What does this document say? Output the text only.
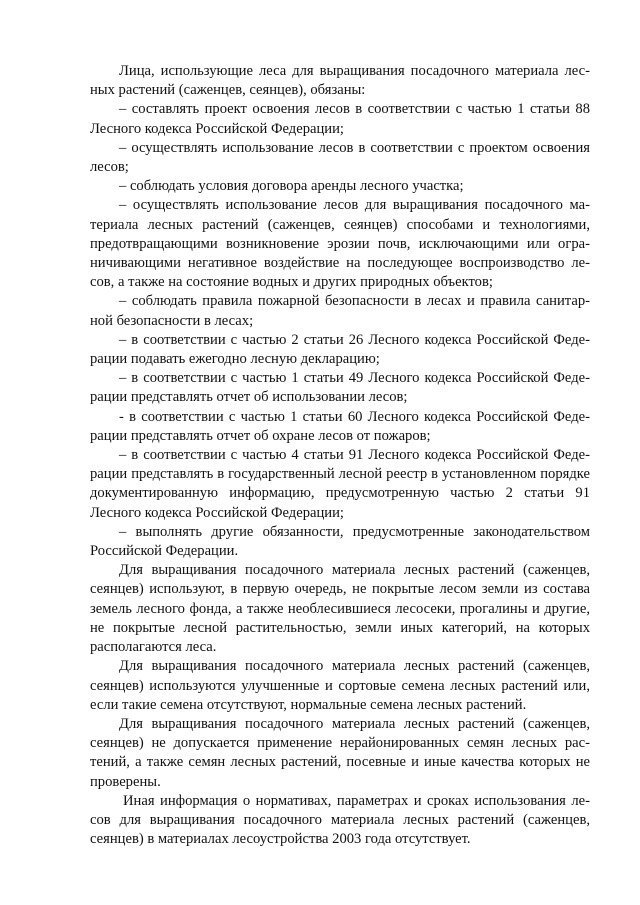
Лица, использующие леса для выращивания посадочного материала лесных растений (саженцев, сеянцев), обязаны:

– составлять проект освоения лесов в соответствии с частью 1 статьи 88 Лесного кодекса Российской Федерации;

– осуществлять использование лесов в соответствии с проектом освоения лесов;

– соблюдать условия договора аренды лесного участка;

– осуществлять использование лесов для выращивания посадочного материала лесных растений (саженцев, сеянцев) способами и технологиями, предотвращающими возникновение эрозии почв, исключающими или ограничивающими негативное воздействие на последующее воспроизводство лесов, а также на состояние водных и других природных объектов;

– соблюдать правила пожарной безопасности в лесах и правила санитарной безопасности в лесах;

– в соответствии с частью 2 статьи 26 Лесного кодекса Российской Федерации подавать ежегодно лесную декларацию;

– в соответствии с частью 1 статьи 49 Лесного кодекса Российской Федерации представлять отчет об использовании лесов;

- в соответствии с частью 1 статьи 60 Лесного кодекса Российской Федерации представлять отчет об охране лесов от пожаров;

– в соответствии с частью 4 статьи 91 Лесного кодекса Российской Федерации представлять в государственный лесной реестр в установленном порядке документированную информацию, предусмотренную частью 2 статьи 91 Лесного кодекса Российской Федерации;

– выполнять другие обязанности, предусмотренные законодательством Российской Федерации.

Для выращивания посадочного материала лесных растений (саженцев, сеянцев) используют, в первую очередь, не покрытые лесом земли из состава земель лесного фонда, а также необлесившиеся лесосеки, прогалины и другие, не покрытые лесной растительностью, земли иных категорий, на которых располагаются леса.

Для выращивания посадочного материала лесных растений (саженцев, сеянцев) используются улучшенные и сортовые семена лесных растений или, если такие семена отсутствуют, нормальные семена лесных растений.

Для выращивания посадочного материала лесных растений (саженцев, сеянцев) не допускается применение нерайонированных семян лесных растений, а также семян лесных растений, посевные и иные качества которых не проверены.

Иная информация о нормативах, параметрах и сроках использования лесов для выращивания посадочного материала лесных растений (саженцев, сеянцев) в материалах лесоустройства 2003 года отсутствует.
